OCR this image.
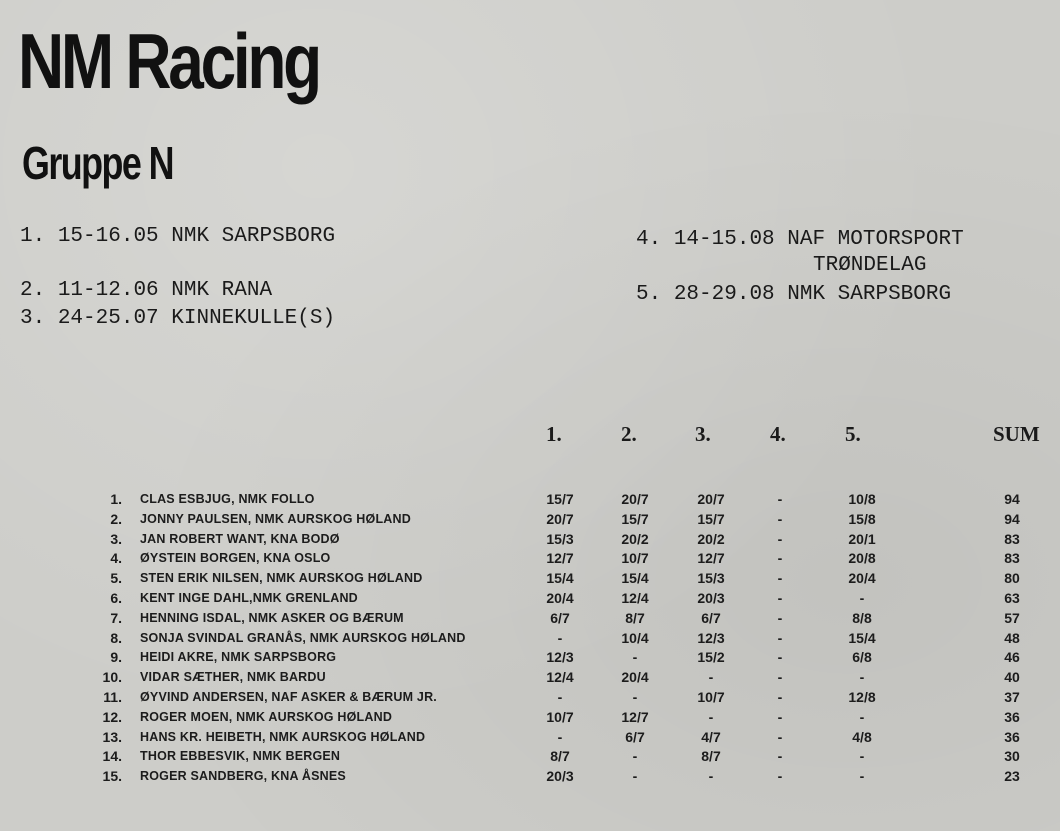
NM Racing
Gruppe N
1. 15-16.05 NMK SARPSBORG
2. 11-12.06 NMK RANA
3. 24-25.07 KINNEKULLE(S)
4. 14-15.08 NAF MOTORSPORT
TRØNDELAG
5. 28-29.08 NMK SARPSBORG
1.	2.	3.	4.	5.	SUM
1. CLAS ESBJUG, NMK FOLLO	15/7	20/7	20/7	-	10/8	94
2. JONNY PAULSEN, NMK AURSKOG HØLAND	20/7	15/7	15/7	-	15/8	94
3. JAN ROBERT WANT, KNA BODØ	15/3	20/2	20/2	-	20/1	83
4. ØYSTEIN BORGEN, KNA OSLO	12/7	10/7	12/7	-	20/8	83
5. STEN ERIK NILSEN, NMK AURSKOG HØLAND	15/4	15/4	15/3	-	20/4	80
6. KENT INGE DAHL,NMK GRENLAND	20/4	12/4	20/3	-	-	63
7. HENNING ISDAL, NMK ASKER OG BÆRUM	6/7	8/7	6/7	-	8/8	57
8. SONJA SVINDAL GRANÅS, NMK AURSKOG HØLAND	-	10/4	12/3	-	15/4	48
9. HEIDI AKRE, NMK SARPSBORG	12/3	-	15/2	-	6/8	46
10. VIDAR SÆTHER, NMK BARDU	12/4	20/4	-	-	-	40
11. ØYVIND ANDERSEN, NAF ASKER & BÆRUM JR.	-	-	10/7	-	12/8	37
12. ROGER MOEN, NMK AURSKOG HØLAND	10/7	12/7	-	-	-	36
13. HANS KR. HEIBETH, NMK AURSKOG HØLAND	-	6/7	4/7	-	4/8	36
14. THOR EBBESVIK, NMK BERGEN	8/7	-	8/7	-	-	30
15. ROGER SANDBERG, KNA ÅSNES	20/3	-	-	-	-	23
